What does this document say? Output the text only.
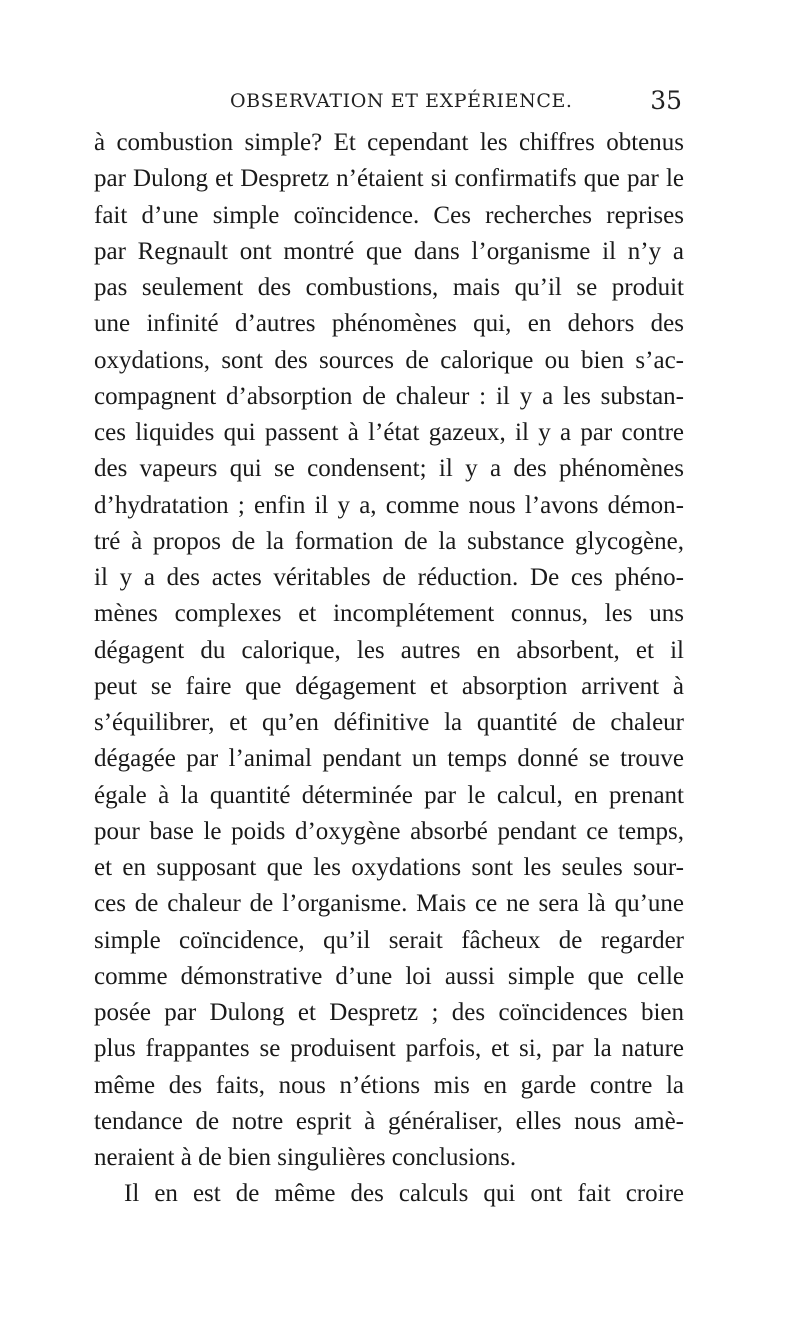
OBSERVATION ET EXPÉRIENCE.	35
à combustion simple? Et cependant les chiffres obtenus
par Dulong et Despretz n’étaient si confirmatifs que par le
fait d’une simple coïncidence. Ces recherches reprises
par Regnault ont montré que dans l’organisme il n’y a
pas seulement des combustions, mais qu’il se produit
une infinité d’autres phénomènes qui, en dehors des
oxydations, sont des sources de calorique ou bien s’ac-
compagnent d’absorption de chaleur : il y a les substan-
ces liquides qui passent à l’état gazeux, il y a par contre
des vapeurs qui se condensent; il y a des phénomènes
d’hydratation ; enfin il y a, comme nous l’avons démon-
tré à propos de la formation de la substance glycogène,
il y a des actes véritables de réduction. De ces phéno-
mènes complexes et incomplétement connus, les uns
dégagent du calorique, les autres en absorbent, et il
peut se faire que dégagement et absorption arrivent à
s’équilibrer, et qu’en définitive la quantité de chaleur
dégagée par l’animal pendant un temps donné se trouve
égale à la quantité déterminée par le calcul, en prenant
pour base le poids d’oxygène absorbé pendant ce temps,
et en supposant que les oxydations sont les seules sour-
ces de chaleur de l’organisme. Mais ce ne sera là qu’une
simple coïncidence, qu’il serait fâcheux de regarder
comme démonstrative d’une loi aussi simple que celle
posée par Dulong et Despretz ; des coïncidences bien
plus frappantes se produisent parfois, et si, par la nature
même des faits, nous n’étions mis en garde contre la
tendance de notre esprit à généraliser, elles nous amè-
neraient à de bien singulières conclusions.
Il en est de même des calculs qui ont fait croire
